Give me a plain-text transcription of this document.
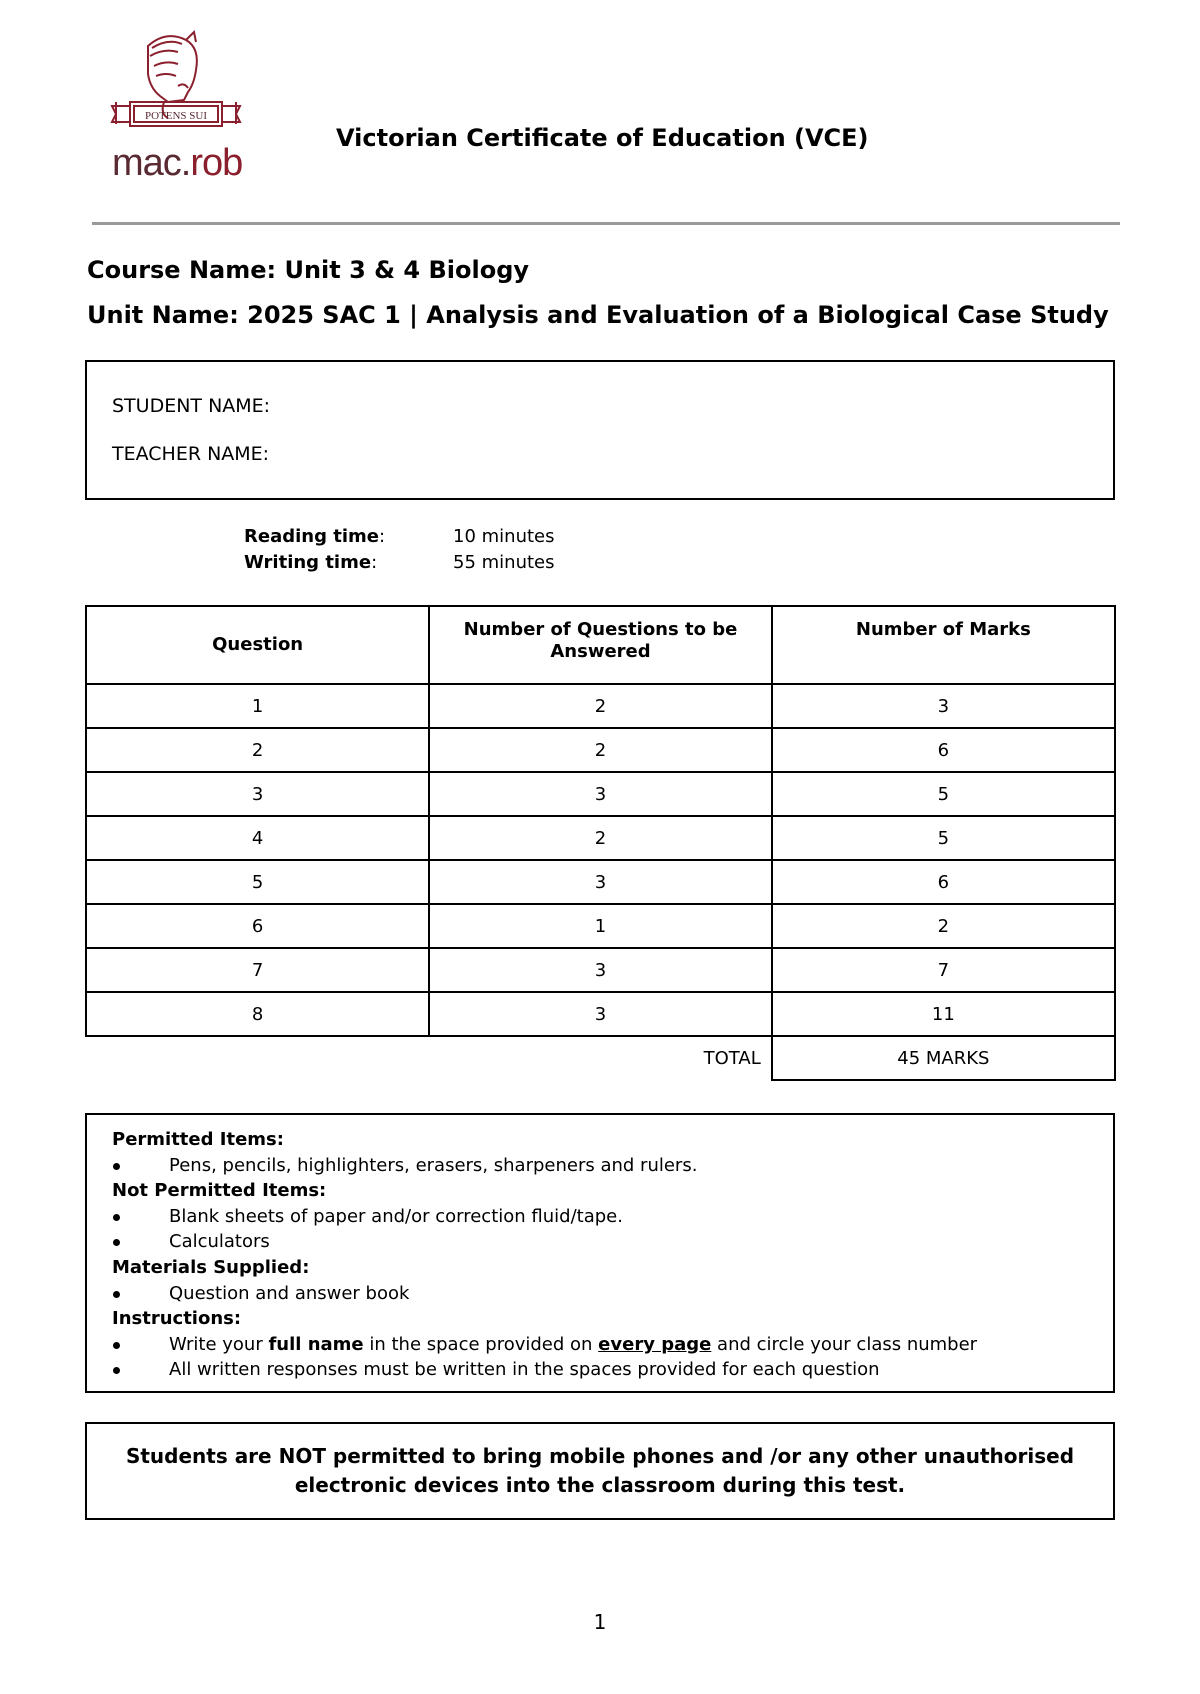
POTENS SUI
mac.rob
Victorian Certificate of Education (VCE)
Course Name: Unit 3 & 4 Biology
Unit Name: 2025 SAC 1 | Analysis and Evaluation of a Biological Case Study
STUDENT NAME:
TEACHER NAME:
Reading time:	10 minutes
Writing time:	55 minutes
Question	Number of Questions to be Answered	Number of Marks
1	2	3
2	2	6
3	3	5
4	2	5
5	3	6
6	1	2
7	3	7
8	3	11
TOTAL		45 MARKS
Permitted Items:
Pens, pencils, highlighters, erasers, sharpeners and rulers.
Not Permitted Items:
Blank sheets of paper and/or correction fluid/tape.
Calculators
Materials Supplied:
Question and answer book
Instructions:
Write your full name in the space provided on every page and circle your class number
All written responses must be written in the spaces provided for each question
Students are NOT permitted to bring mobile phones and /or any other unauthorised electronic devices into the classroom during this test.
1
